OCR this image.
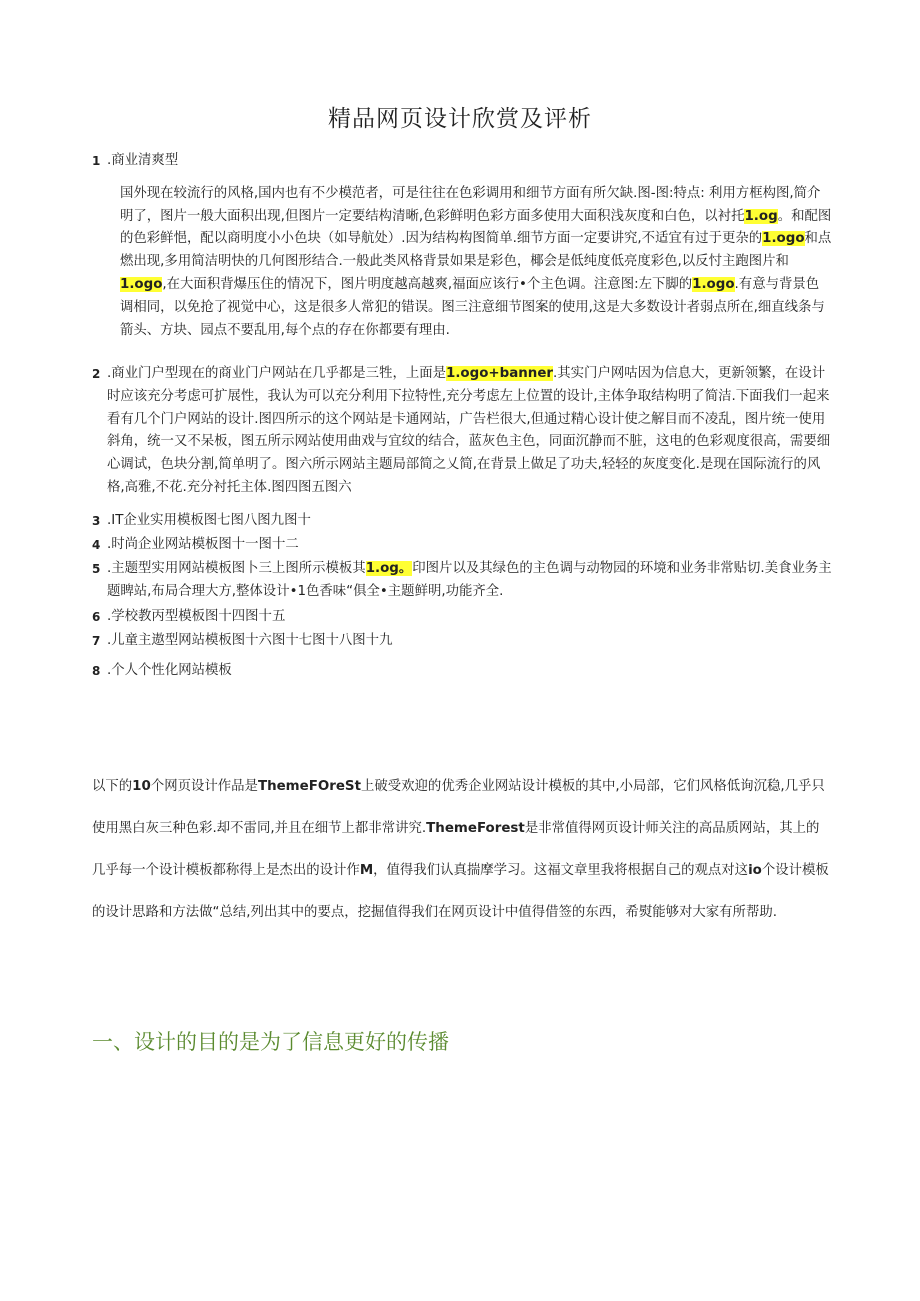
精品网页设计欣赏及评析
1 .商业清爽型
国外现在较流行的风格,国内也有不少模范者，可是往往在色彩调用和细节方面有所欠缺.图-图:特点: 利用方框构图,简介明了，图片一般大面积出现,但图片一定要结构清晰,色彩鲜明色彩方面多使用大面积浅灰度和白色，以衬托1.og。和配图的色彩鲜悒，配以商明度小小色块（如导航处）.因为结构构图简单.细节方面一定要讲究,不适宜有过于更杂的1.ogo和点燃出现,多用简洁明快的几何图形结合.一般此类风格背景如果是彩色，椰会是低纯度低亮度彩色,以反忖主跑图片和1.ogo,在大面积背爆压住的情况下，图片明度越高越爽,福面应该行•个主色调。注意图:左下脚的1.ogo.有意与背景色调相同，以免抢了视觉中心，这是很多人常犯的错误。图三注意细节图案的使用,这是大多数设计者弱点所在,细直线条与箭头、方块、园点不要乱用,每个点的存在你都要有理由.
2 .商业门户型现在的商业门户网站在几乎都是三牲，上面是1.ogo+banner.其实门户网咕因为信息大，更新领繁，在设计时应该充分考虑可扩展性，我认为可以充分利用下拉特性,充分考虑左上位置的设计,主体争取结构明了简洁.下面我们一起来看有几个门户网站的设计.图四所示的这个网站是卡通网站，广告栏很大,但通过精心设计使之解目而不凌乱，图片统一使用斜角，统一又不呆板，图五所示网站使用曲戏与宜纹的结合，蓝灰色主色，同面沉静而不脏，这电的色彩观度很高，需要细心调试，色块分割,简单明了。图六所示网站主题局部简之乂简,在背景上做足了功夫,轻轻的灰度变化.是现在国际流行的风格,高雅,不花.充分衬托主体.图四图五图六
3 .IT企业实用模板图七图八图九图十
4 .时尚企业网站模板图十一图十二
5 .主题型实用网站模板图卜三上图所示模板其1.og。印图片以及其绿色的主色调与动物园的环境和业务非常贴切.美食业务主题睥站,布局合理大方,整体设计•1色香味“俱全•主题鲜明,功能齐全.
6 .学校教丙型模板图十四图十五
7 .儿童主遨型网站模板图十六图十七图十八图十九
8 .个人个性化网站模板

以下的10个网页设计作品是ThemeFOreSt上破受欢迎的优秀企业网站设计模板的其中,小局部，它们风格低询沉稳,几乎只使用黑白灰三种色彩.却不雷同,并且在细节上都非常讲究.ThemeForest是非常值得网页设计师关注的高品质网站，其上的几乎每一个设计模板都称得上是杰出的设计作M，值得我们认真揣摩学习。这福文章里我将根据自己的观点对这io个设计模板的设计思路和方法做“总结,列出其中的要点，挖掘值得我们在网页设计中值得借签的东西，希熨能够对大家有所帮助.

一、设计的目的是为了信息更好的传播
